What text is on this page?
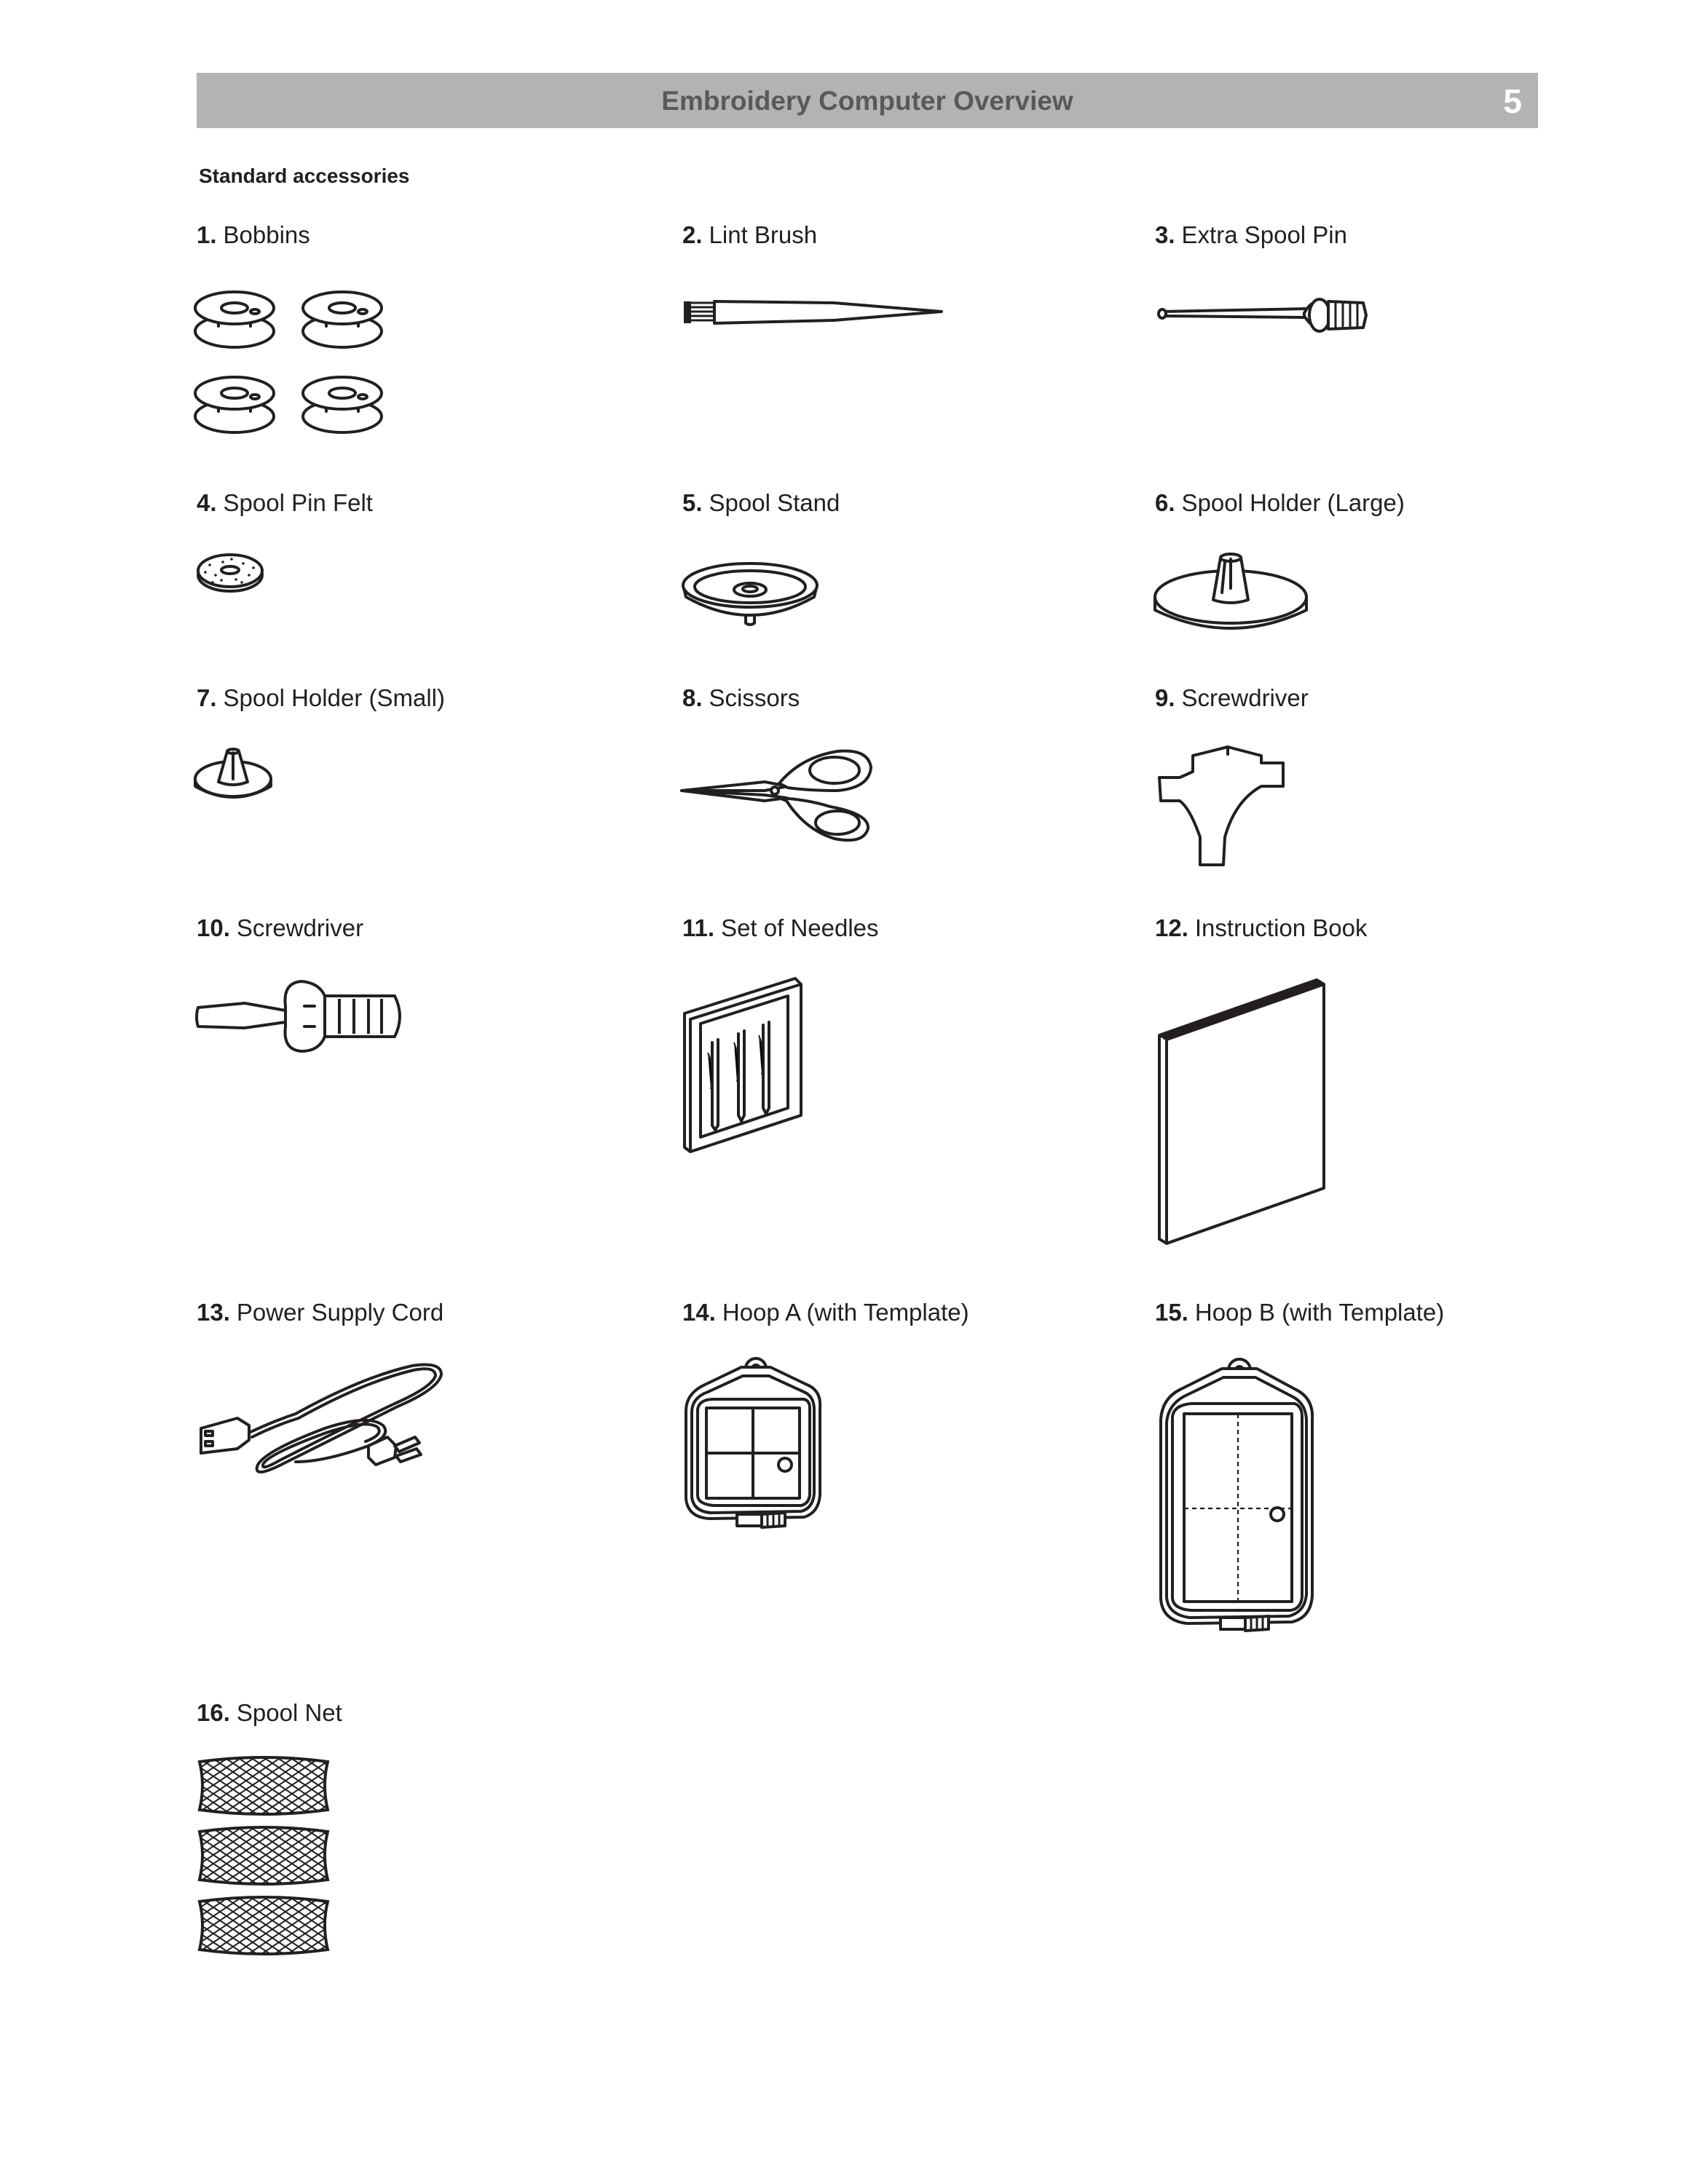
Embroidery Computer Overview	5
Standard accessories
1. Bobbins	2. Lint Brush	3. Extra Spool Pin
4. Spool Pin Felt	5. Spool Stand	6. Spool Holder (Large)
7. Spool Holder (Small)	8. Scissors	9. Screwdriver
10. Screwdriver	11. Set of Needles	12. Instruction Book
13. Power Supply Cord	14. Hoop A (with Template)	15. Hoop B (with Template)
16. Spool Net
